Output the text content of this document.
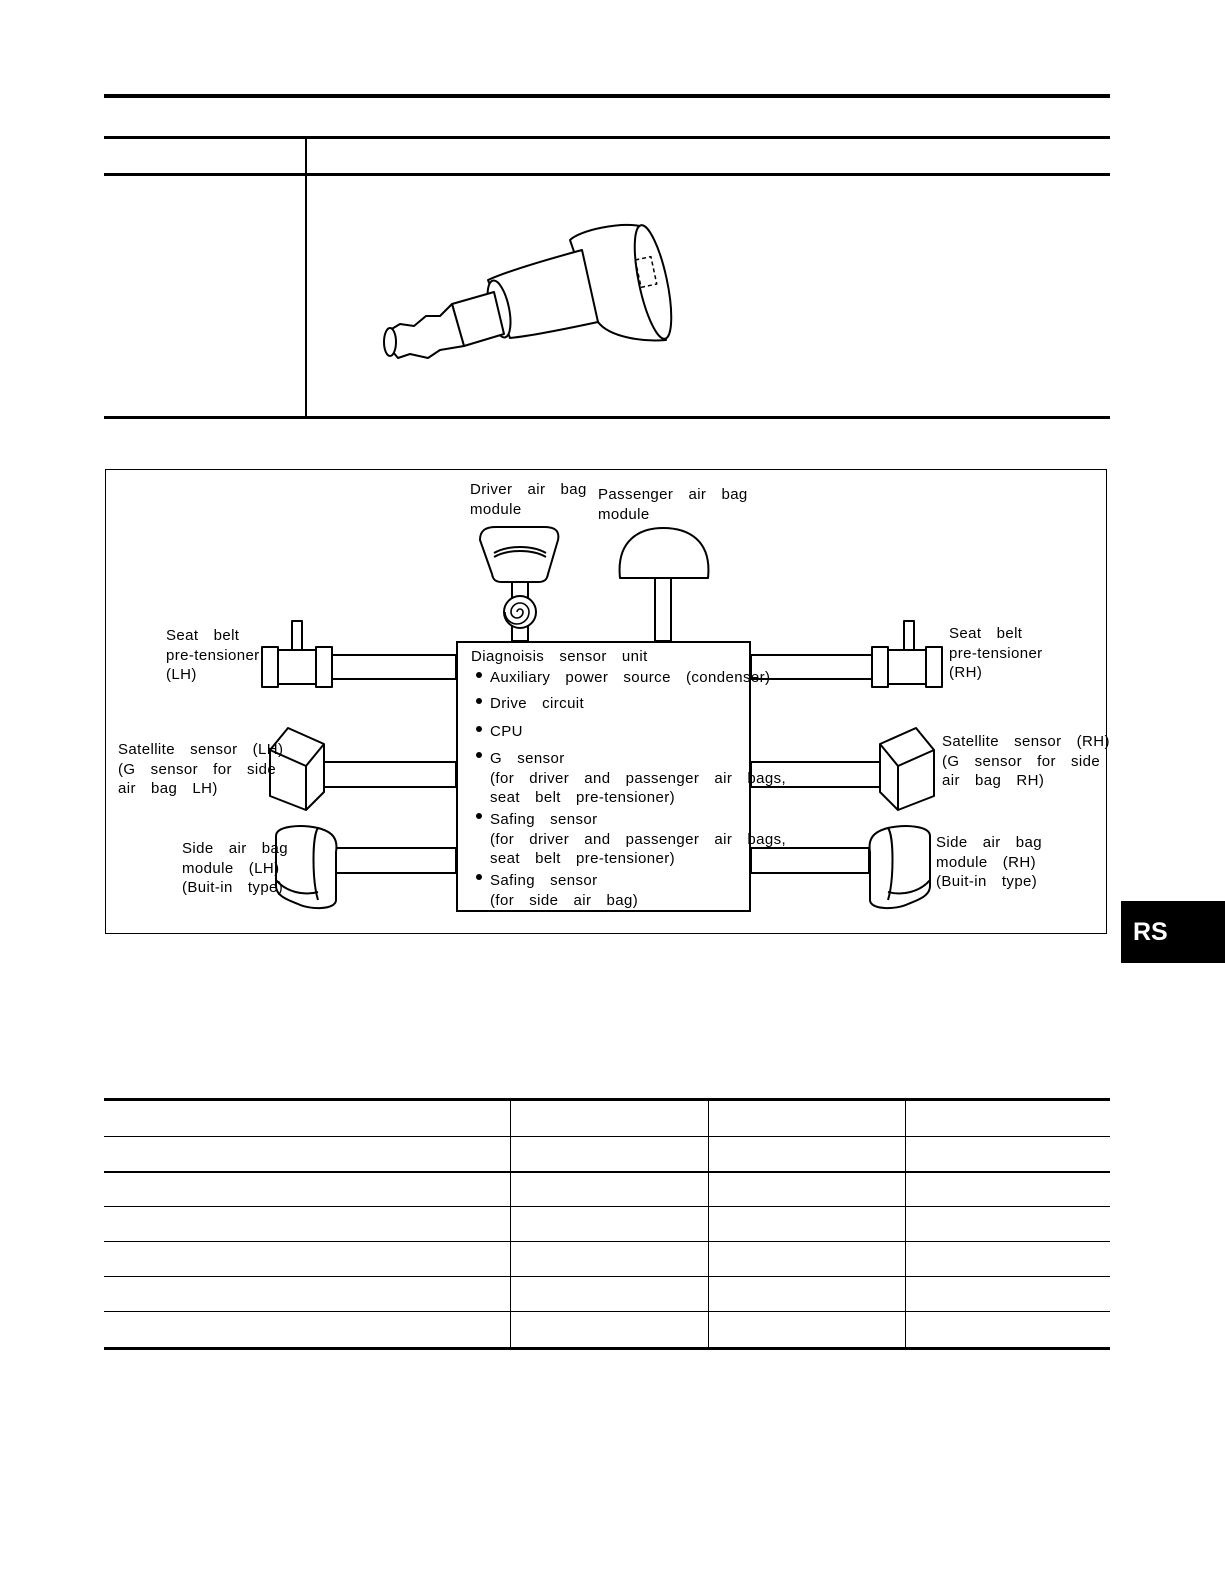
Driver  air  bag
module
Passenger  air  bag
module
Seat  belt
pre-tensioner
(LH)
Seat  belt
pre-tensioner
(RH)
Satellite  sensor  (LH)
(G  sensor  for  side
air  bag  LH)
Satellite  sensor  (RH)
(G  sensor  for  side
air  bag  RH)
Side  air  bag
module  (LH)
(Buit-in  type)
Side  air  bag
module  (RH)
(Buit-in  type)
Diagnoisis  sensor  unit
Auxiliary  power  source  (condenser)
Drive  circuit
CPU
G  sensor
(for  driver  and  passenger  air  bags,
seat  belt  pre-tensioner)
Safing  sensor
(for  driver  and  passenger  air  bags,
seat  belt  pre-tensioner)
Safing  sensor
(for  side  air  bag)
RS
